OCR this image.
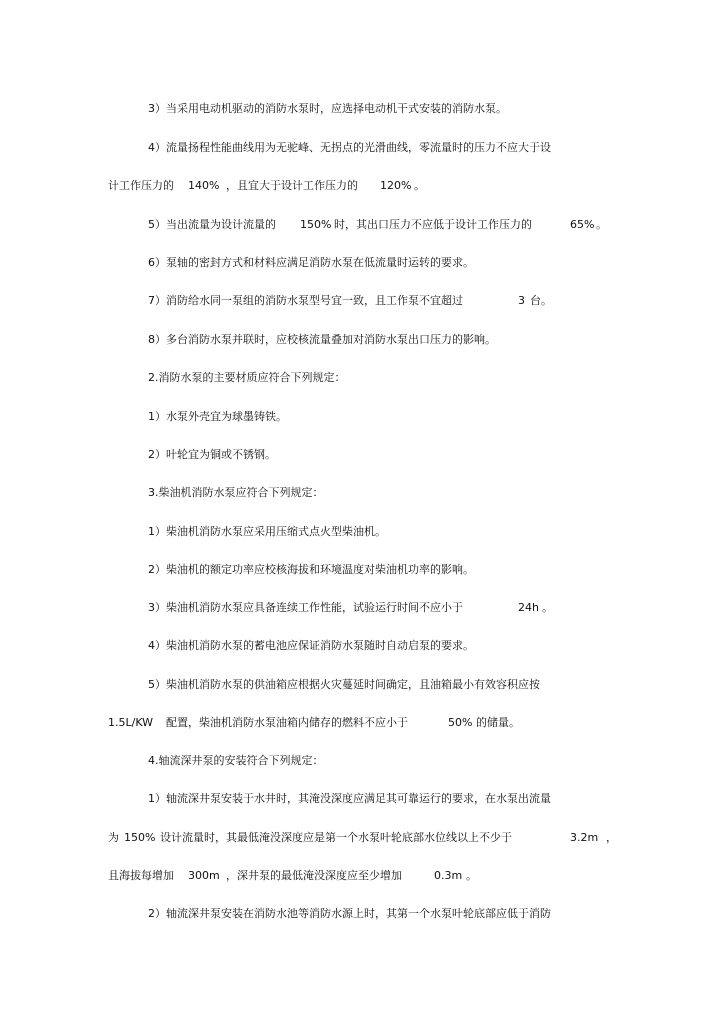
3）当采用电动机驱动的消防水泵时，应选择电动机干式安装的消防水泵。
4）流量扬程性能曲线用为无驼峰、无拐点的光滑曲线，零流量时的压力不应大于设
计工作压力的 140% ，且宜大于设计工作压力的 120% 。
5）当出流量为设计流量的 150% 时，其出口压力不应低于设计工作压力的	65% 。
6）泵轴的密封方式和材料应满足消防水泵在低流量时运转的要求。
7）消防给水同一泵组的消防水泵型号宜一致，且工作泵不宜超过	3 台。
8）多台消防水泵并联时，应校核流量叠加对消防水泵出口压力的影响。
2.消防水泵的主要材质应符合下列规定：
1）水泵外壳宜为球墨铸铁。
2）叶轮宜为铜或不锈钢。
3.柴油机消防水泵应符合下列规定：
1）柴油机消防水泵应采用压缩式点火型柴油机。
2）柴油机的额定功率应校核海拔和环境温度对柴油机功率的影响。
3）柴油机消防水泵应具备连续工作性能，试验运行时间不应小于	24h 。
4）柴油机消防水泵的蓄电池应保证消防水泵随时自动启泵的要求。
5）柴油机消防水泵的供油箱应根据火灾蔓延时间确定，且油箱最小有效容积应按
1.5L/KW 配置，柴油机消防水泵油箱内储存的燃料不应小于	50% 的储量。
4.轴流深井泵的安装符合下列规定：
1）轴流深井泵安装于水井时，其淹没深度应满足其可靠运行的要求，在水泵出流量
为 150% 设计流量时，其最低淹没深度应是第一个水泵叶轮底部水位线以上不少于	3.2m ，
且海拔每增加 300m ，深井泵的最低淹没深度应至少增加	0.3m 。
2）轴流深井泵安装在消防水池等消防水源上时，其第一个水泵叶轮底部应低于消防
